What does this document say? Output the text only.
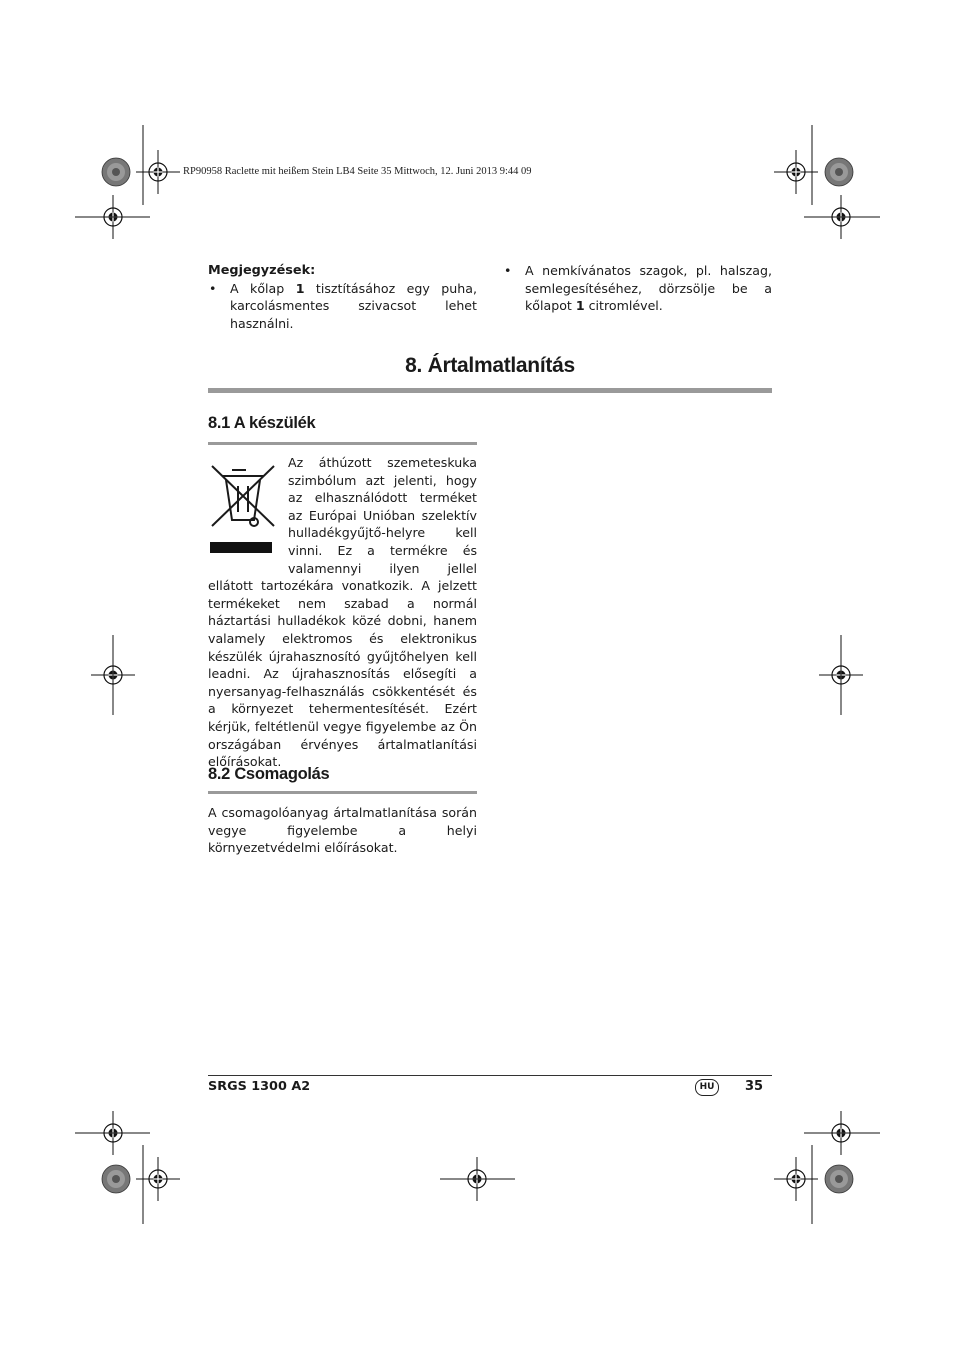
RP90958 Raclette mit heißem Stein LB4 Seite 35 Mittwoch, 12. Juni 2013 9:44 09

Megjegyzések:

• A kőlap 1 tisztításához egy puha, karcolásmentes szivacsot lehet használni.

• A nemkívánatos szagok, pl. halszag, semlegesítéséhez, dörzsölje be a kőlapot 1 citromlével.

8. Ártalmatlanítás
8.1 A készülék

Az áthúzott szemeteskuka szimbólum azt jelenti, hogy az elhasználódott terméket az Európai Unióban szelektív hulladékgyűjtő-helyre kell vinni. Ez a termékre és valamennyi ilyen jellel ellátott tartozékára vonatkozik. A jelzett termékeket nem szabad a normál háztartási hulladékok közé dobni, hanem valamely elektromos és elektronikus készülék újrahasznosító gyűjtőhelyen kell leadni. Az újrahasznosítás elősegíti a nyersanyag-felhasználás csökkentését és a környezet tehermentesítését. Ezért kérjük, feltétlenül vegye figyelembe az Ön országában érvényes ártalmatlanítási előírásokat.

8.2 Csomagolás

A csomagolóanyag ártalmatlanítása során vegye figyelembe a helyi környezetvédelmi előírásokat.

SRGS 1300 A2	HU	35
